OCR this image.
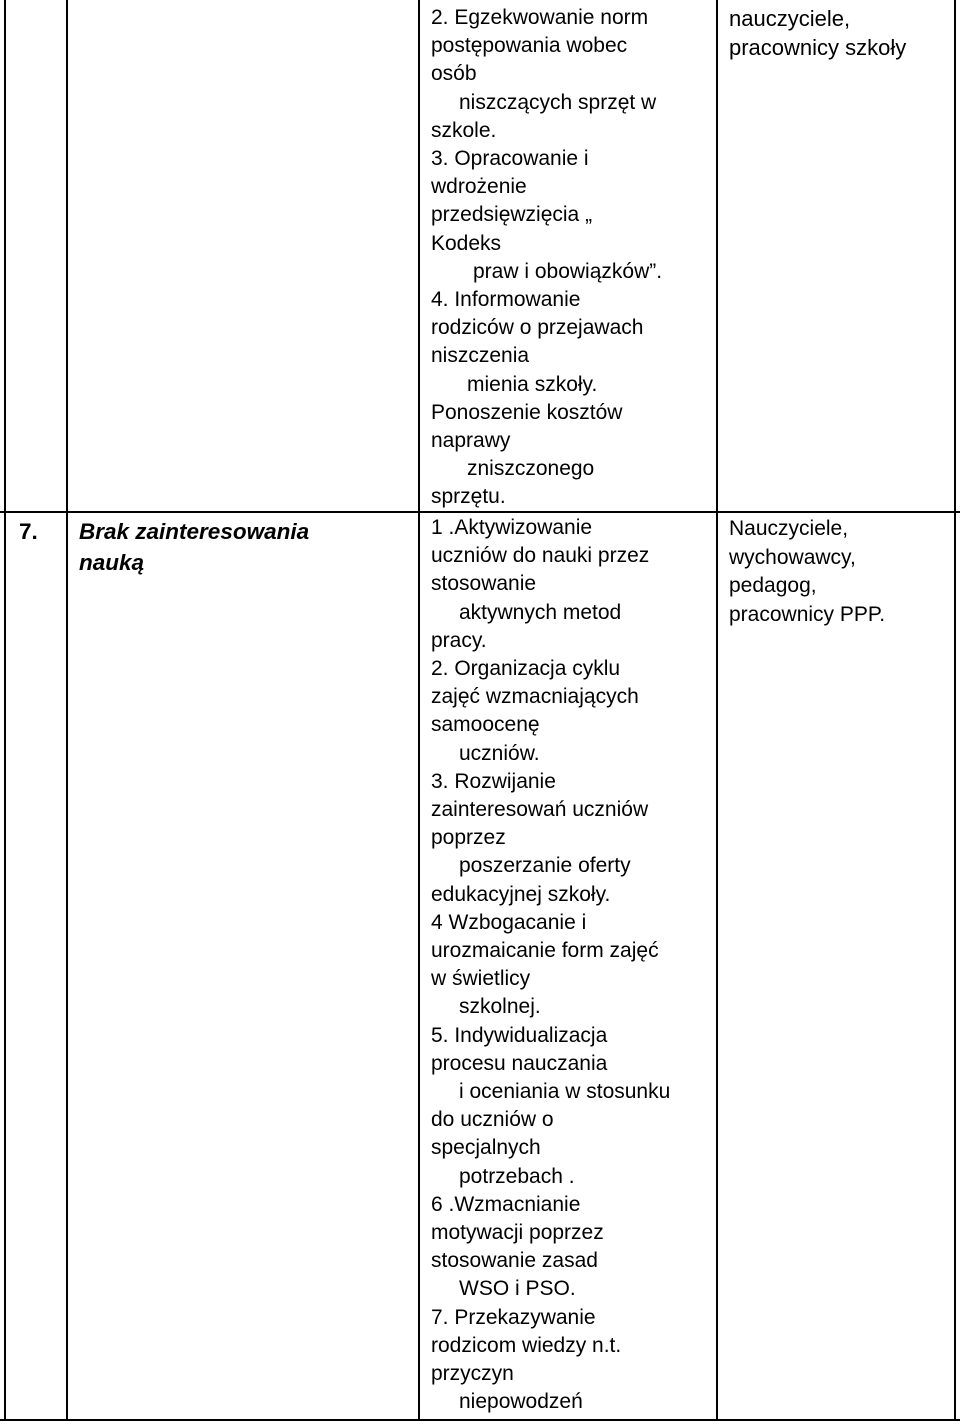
2. Egzekwowanie norm
postępowania wobec
osób
niszczących sprzęt w
szkole.
3. Opracowanie i
wdrożenie
przedsięwzięcia „
Kodeks
praw i obowiązków”.
4. Informowanie
rodziców o przejawach
niszczenia
mienia szkoły.
Ponoszenie kosztów
naprawy
zniszczonego
sprzętu.
nauczyciele,
pracownicy szkoły
7. Brak zainteresowania
nauką
1 .Aktywizowanie
uczniów do nauki przez
stosowanie
aktywnych metod
pracy.
2. Organizacja cyklu
zajęć wzmacniających
samoocenę
uczniów.
3. Rozwijanie
zainteresowań uczniów
poprzez
poszerzanie oferty
edukacyjnej szkoły.
4 Wzbogacanie i
urozmaicanie form zajęć
w świetlicy
szkolnej.
5. Indywidualizacja
procesu nauczania
i oceniania w stosunku
do uczniów o
specjalnych
potrzebach .
6 .Wzmacnianie
motywacji poprzez
stosowanie zasad
WSO i PSO.
7. Przekazywanie
rodzicom wiedzy n.t.
przyczyn
niepowodzeń
Nauczyciele,
wychowawcy,
pedagog,
pracownicy PPP.
